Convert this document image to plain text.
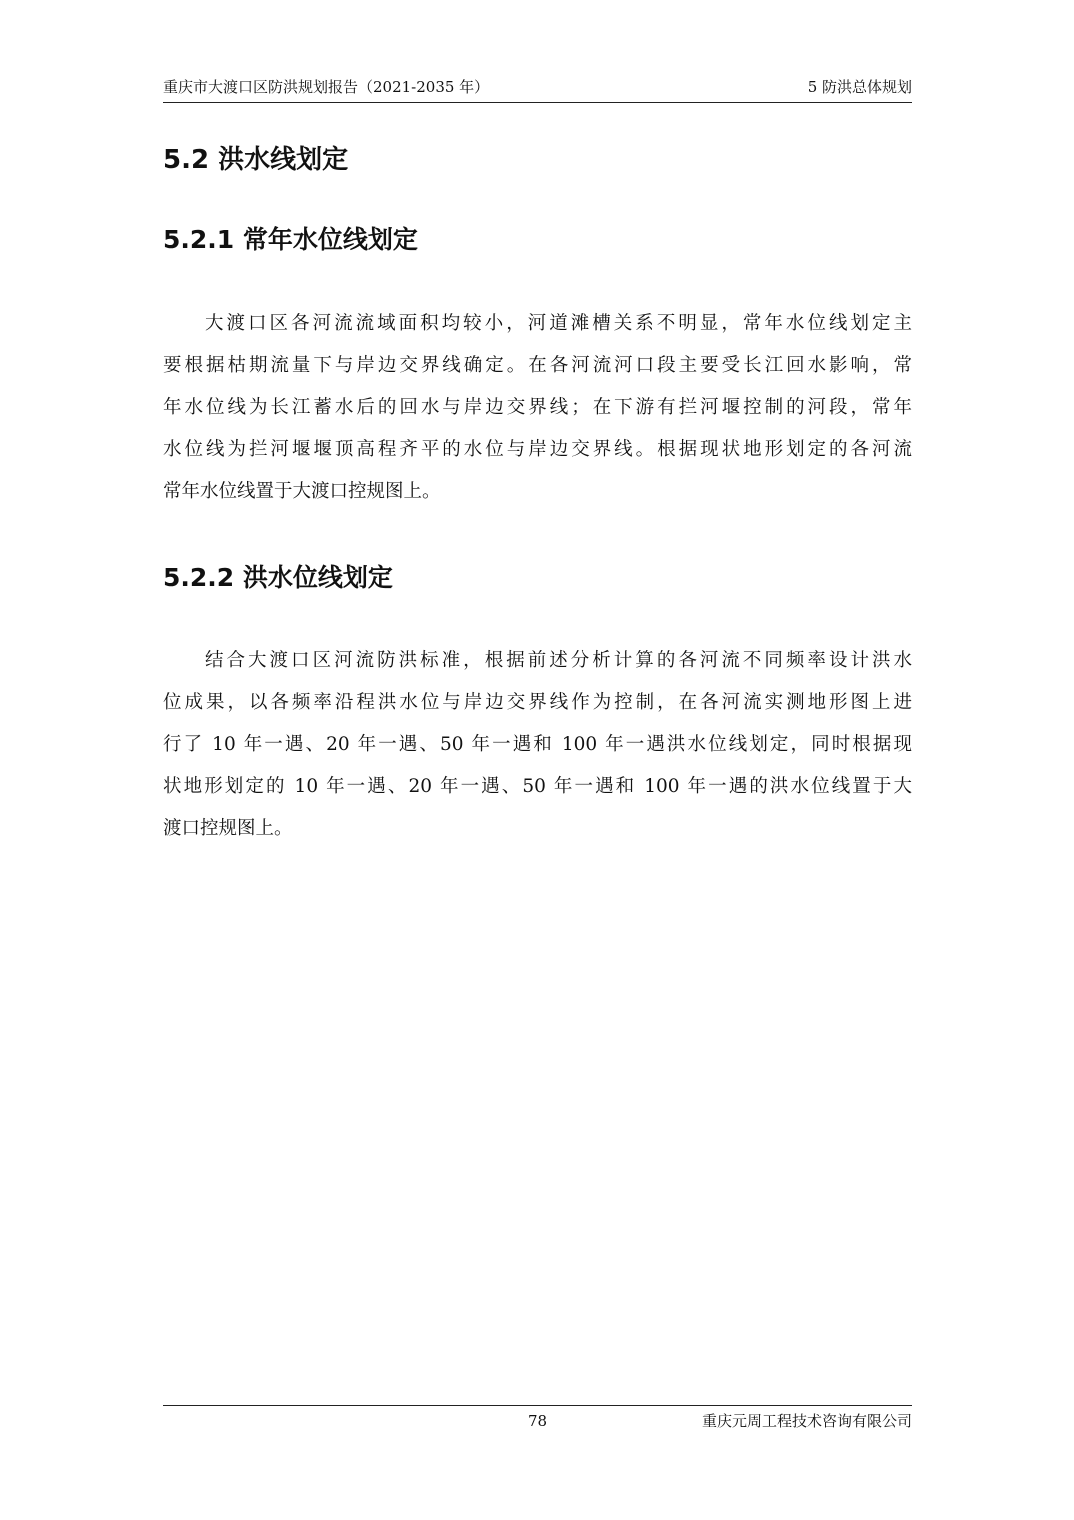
重庆市大渡口区防洪规划报告（2021-2035 年）	5 防洪总体规划
5.2 洪水线划定
5.2.1 常年水位线划定
大渡口区各河流流域面积均较小，河道滩槽关系不明显，常年水位线划定主
要根据枯期流量下与岸边交界线确定。在各河流河口段主要受长江回水影响，常
年水位线为长江蓄水后的回水与岸边交界线；在下游有拦河堰控制的河段，常年
水位线为拦河堰堰顶高程齐平的水位与岸边交界线。根据现状地形划定的各河流
常年水位线置于大渡口控规图上。
5.2.2 洪水位线划定
结合大渡口区河流防洪标准，根据前述分析计算的各河流不同频率设计洪水
位成果，以各频率沿程洪水位与岸边交界线作为控制，在各河流实测地形图上进
行了 10 年一遇、20 年一遇、50 年一遇和 100 年一遇洪水位线划定，同时根据现
状地形划定的 10 年一遇、20 年一遇、50 年一遇和 100 年一遇的洪水位线置于大
渡口控规图上。
78	重庆元周工程技术咨询有限公司
